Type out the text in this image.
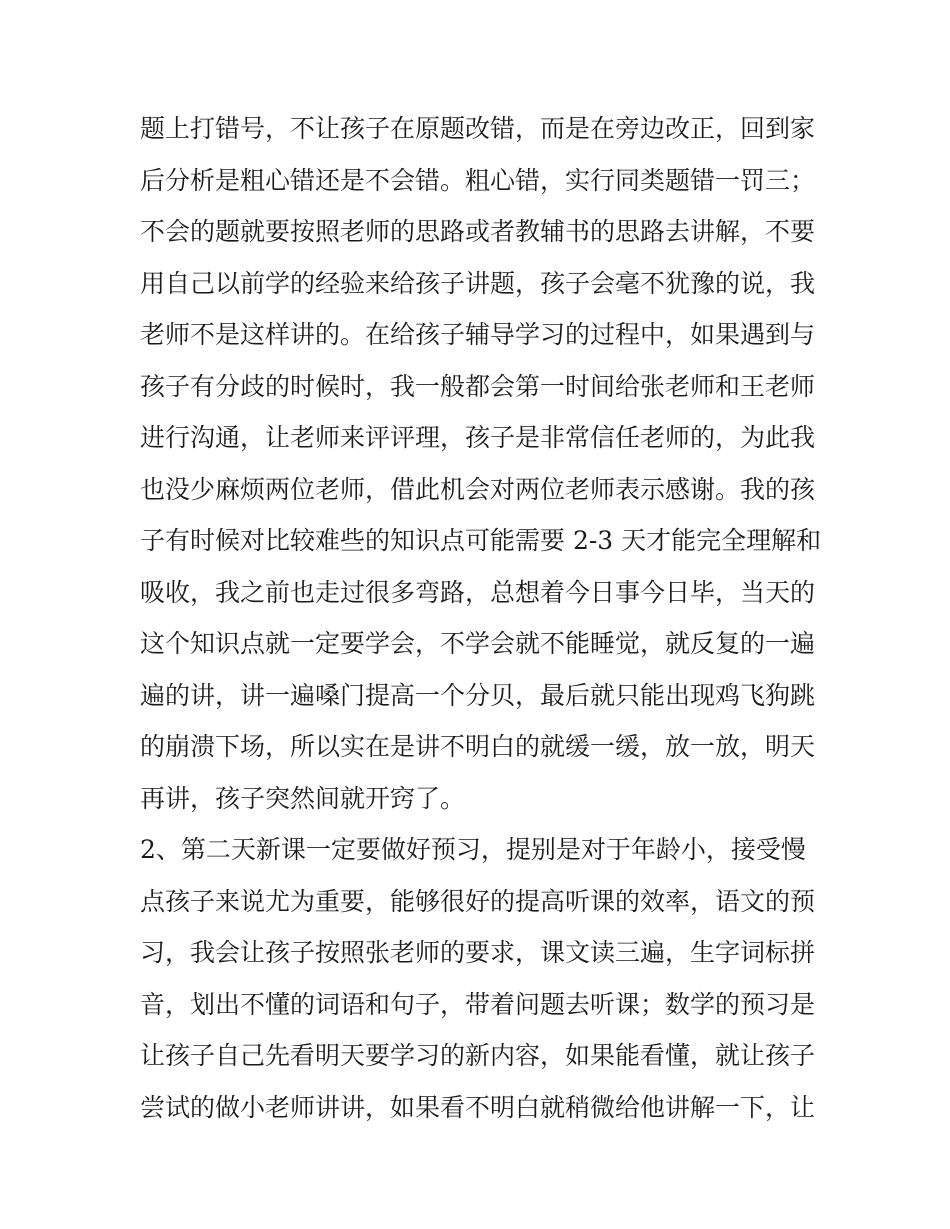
题上打错号，不让孩子在原题改错，而是在旁边改正，回到家
后分析是粗心错还是不会错。粗心错，实行同类题错一罚三；
不会的题就要按照老师的思路或者教辅书的思路去讲解，不要
用自己以前学的经验来给孩子讲题，孩子会毫不犹豫的说，我
老师不是这样讲的。在给孩子辅导学习的过程中，如果遇到与
孩子有分歧的时候时，我一般都会第一时间给张老师和王老师
进行沟通，让老师来评评理，孩子是非常信任老师的，为此我
也没少麻烦两位老师，借此机会对两位老师表示感谢。我的孩
子有时候对比较难些的知识点可能需要 2-3 天才能完全理解和
吸收，我之前也走过很多弯路，总想着今日事今日毕，当天的
这个知识点就一定要学会，不学会就不能睡觉，就反复的一遍
遍的讲，讲一遍嗓门提高一个分贝，最后就只能出现鸡飞狗跳
的崩溃下场，所以实在是讲不明白的就缓一缓，放一放，明天
再讲，孩子突然间就开窍了。
2、第二天新课一定要做好预习，提别是对于年龄小，接受慢
点孩子来说尤为重要，能够很好的提高听课的效率，语文的预
习，我会让孩子按照张老师的要求，课文读三遍，生字词标拼
音，划出不懂的词语和句子，带着问题去听课；数学的预习是
让孩子自己先看明天要学习的新内容，如果能看懂，就让孩子
尝试的做小老师讲讲，如果看不明白就稍微给他讲解一下，让
